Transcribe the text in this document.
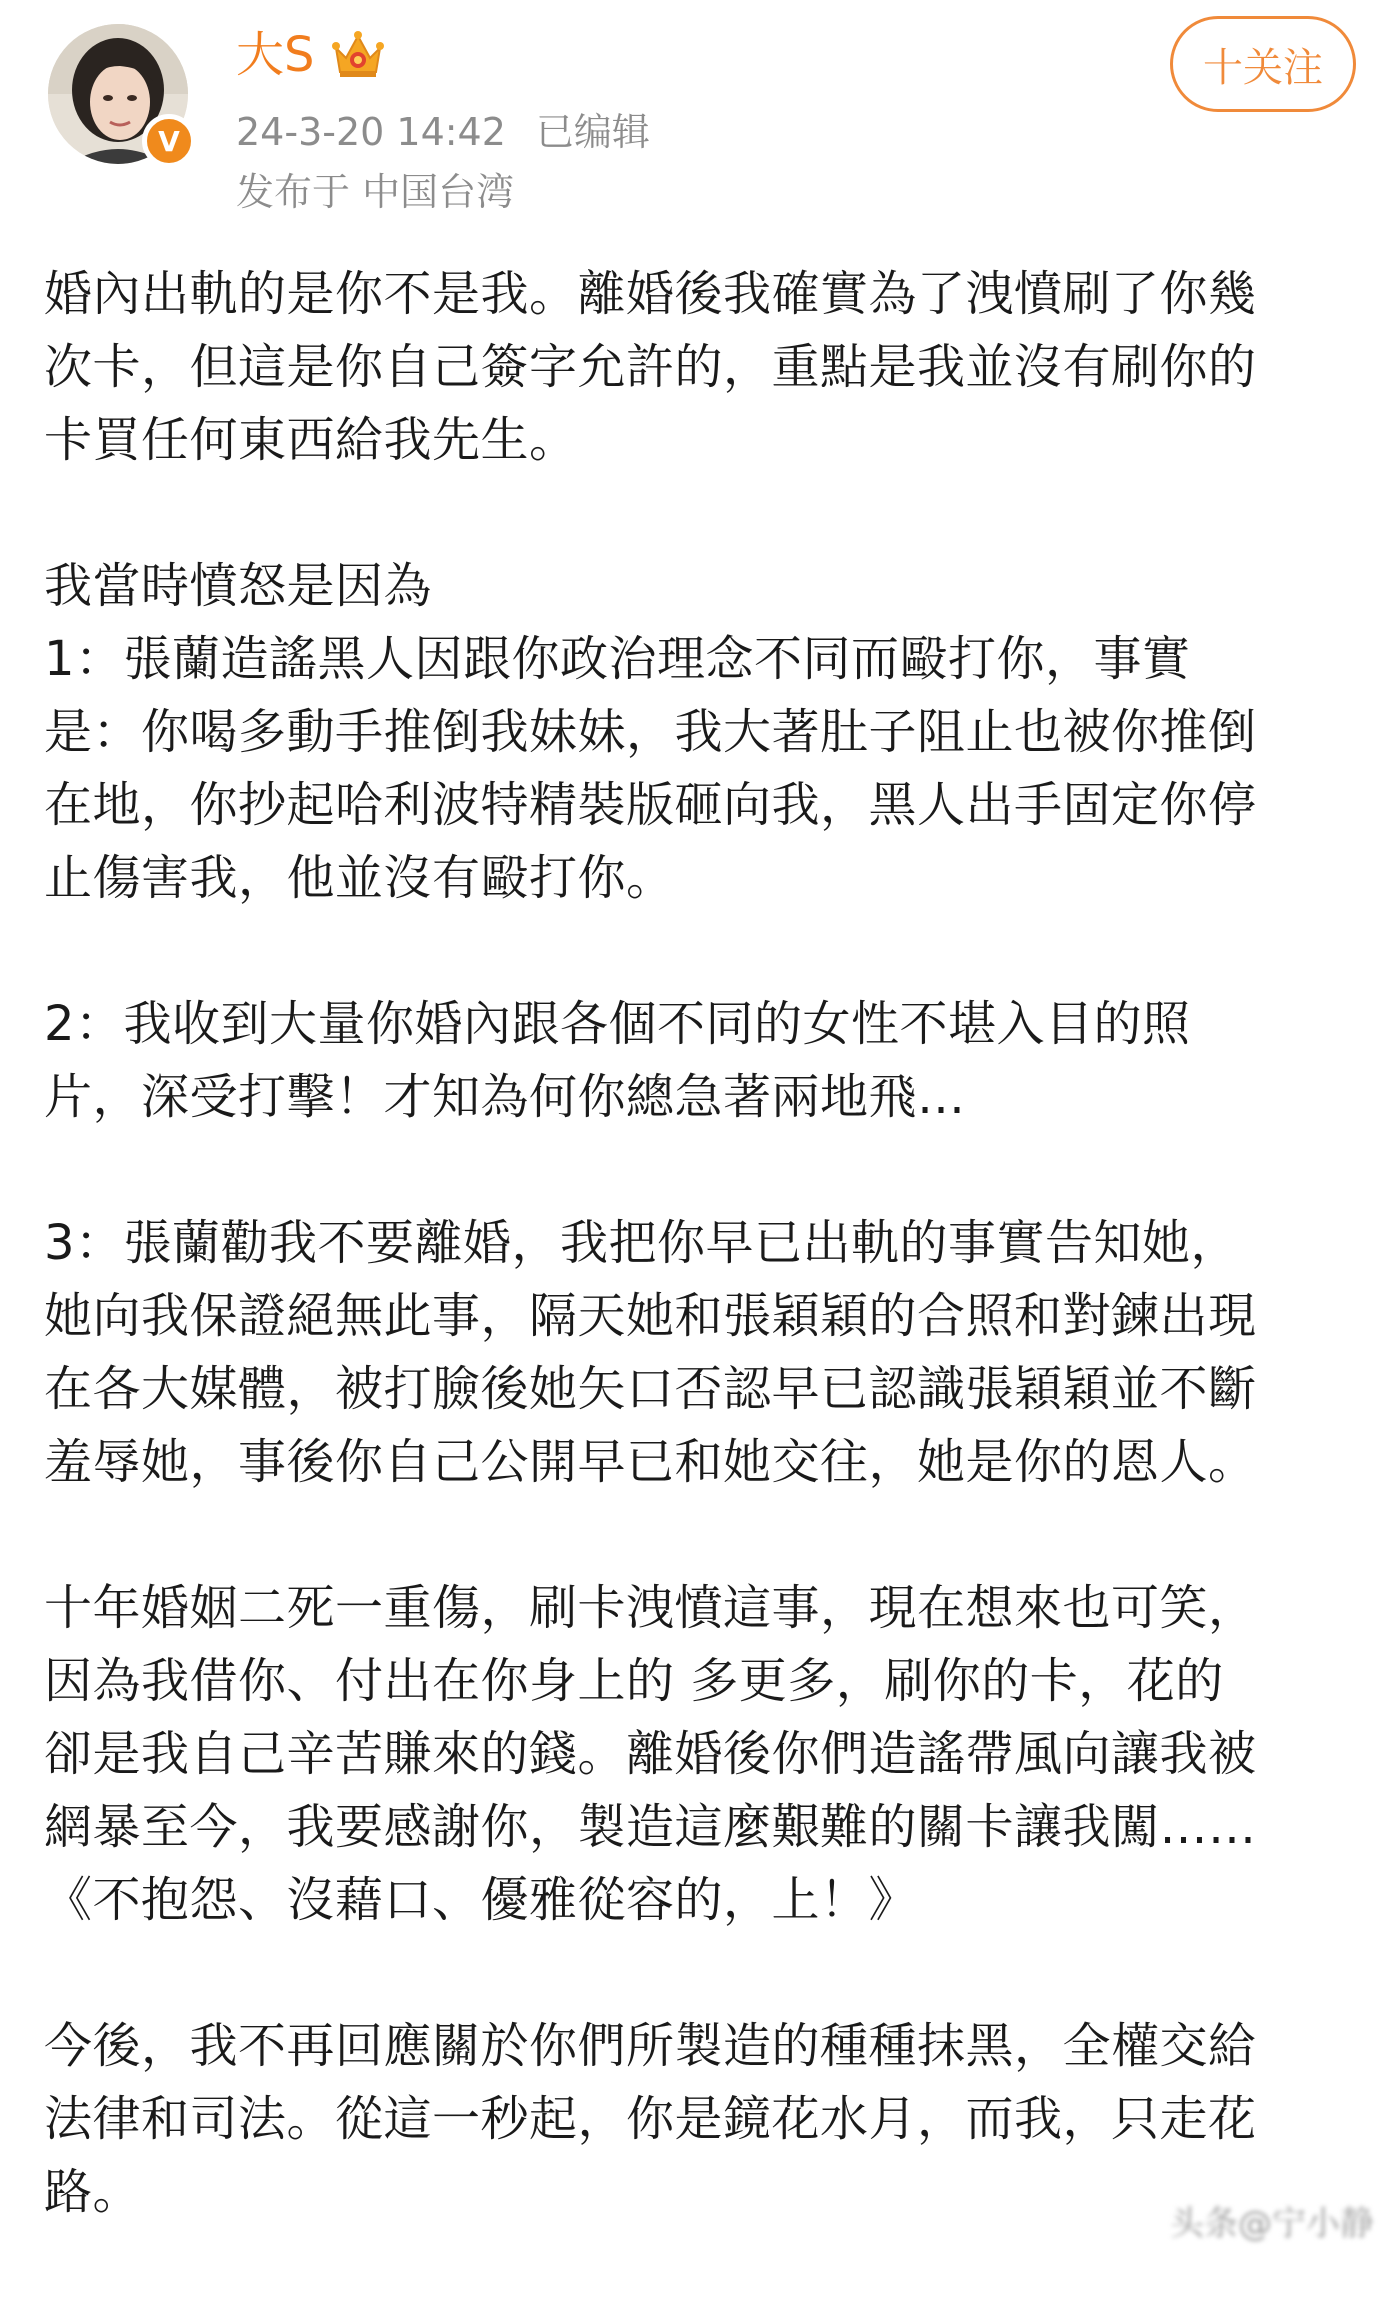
V
大S
24-3-20 14:42 已编辑
发布于 中国台湾
十关注

婚內出軌的是你不是我。離婚後我確實為了洩憤刷了你幾
次卡，但這是你自己簽字允許的，重點是我並沒有刷你的
卡買任何東西給我先生。

我當時憤怒是因為
1：張蘭造謠黑人因跟你政治理念不同而毆打你，事實
是：你喝多動手推倒我妹妹，我大著肚子阻止也被你推倒
在地，你抄起哈利波特精裝版砸向我，黑人出手固定你停
止傷害我，他並沒有毆打你。

2：我收到大量你婚內跟各個不同的女性不堪入目的照
片，深受打擊！才知為何你總急著兩地飛…

3：張蘭勸我不要離婚，我把你早已出軌的事實告知她，
她向我保證絕無此事，隔天她和張穎穎的合照和對鍊出現
在各大媒體，被打臉後她矢口否認早已認識張穎穎並不斷
羞辱她，事後你自己公開早已和她交往，她是你的恩人。

十年婚姻二死一重傷，刷卡洩憤這事，現在想來也可笑，
因為我借你、付出在你身上的 多更多，刷你的卡，花的
卻是我自己辛苦賺來的錢。離婚後你們造謠帶風向讓我被
網暴至今，我要感謝你，製造這麼艱難的關卡讓我闖……
《不抱怨、沒藉口、優雅從容的，上！》

今後，我不再回應關於你們所製造的種種抹黑，全權交給
法律和司法。從這一秒起，你是鏡花水月，而我，只走花
路。

头条@宁小静
